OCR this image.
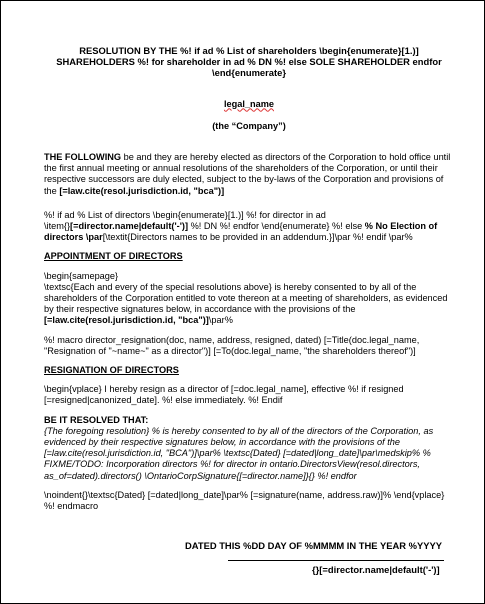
RESOLUTION BY THE %! if ad % List of shareholders \begin{enumerate}[1.)]
SHAREHOLDERS %! for shareholder in ad % DN %! else SOLE SHAREHOLDER endfor
\end{enumerate}

legal_name

(the “Company”)

THE FOLLOWING be and they are hereby elected as directors of the Corporation to hold office until the first annual meeting or annual resolutions of the shareholders of the Corporation, or until their respective successors are duly elected, subject to the by-laws of the Corporation and provisions of the [=law.cite(resol.jurisdiction.id, "bca")]

%! if ad % List of directors \begin{enumerate}[1.)] %! for director in ad
\item{}[=director.name|default('-')] %! DN %! endfor \end{enumerate} %! else % No Election of directors \par[\textit{Directors names to be provided in an addendum.}]\par %! endif \par%

APPOINTMENT OF DIRECTORS

\begin{samepage}

\textsc{Each and every of the special resolutions above} is hereby consented to by all of the shareholders of the Corporation entitled to vote thereon at a meeting of shareholders, as evidenced by their respective signatures below, in accordance with the provisions of the [=law.cite(resol.jurisdiction.id, "bca")]\par%

%! macro director_resignation(doc, name, address, resigned, dated) [=Title(doc.legal_name, "Resignation of "~name~" as a director")] [=To(doc.legal_name, "the shareholders thereof")]

RESIGNATION OF DIRECTORS

\begin{vplace} I hereby resign as a director of [=doc.legal_name], effective %! if resigned [=resigned|canonized_date]. %! else immediately. %! Endif

BE IT RESOLVED THAT:

{The foregoing resolution} % is hereby consented to by all of the directors of the Corporation, as evidenced by their respective signatures below, in accordance with the provisions of the [=law.cite(resol.jurisdiction.id, "BCA")]\par% \textsc{Dated} [=dated|long_date]\par\medskip% % FIXME/TODO: Incorporation directors %! for director in ontario.DirectorsView(resol.directors, as_of=dated).directors() \OntarioCorpSignature{[=director.name]}{} %! endfor

\noindent{}\textsc{Dated} [=dated|long_date]\par% [=signature(name, address.raw)]% \end{vplace} %! endmacro

DATED THIS %DD DAY OF %MMMM IN THE YEAR %YYYY
{}[=director.name|default('-')]
